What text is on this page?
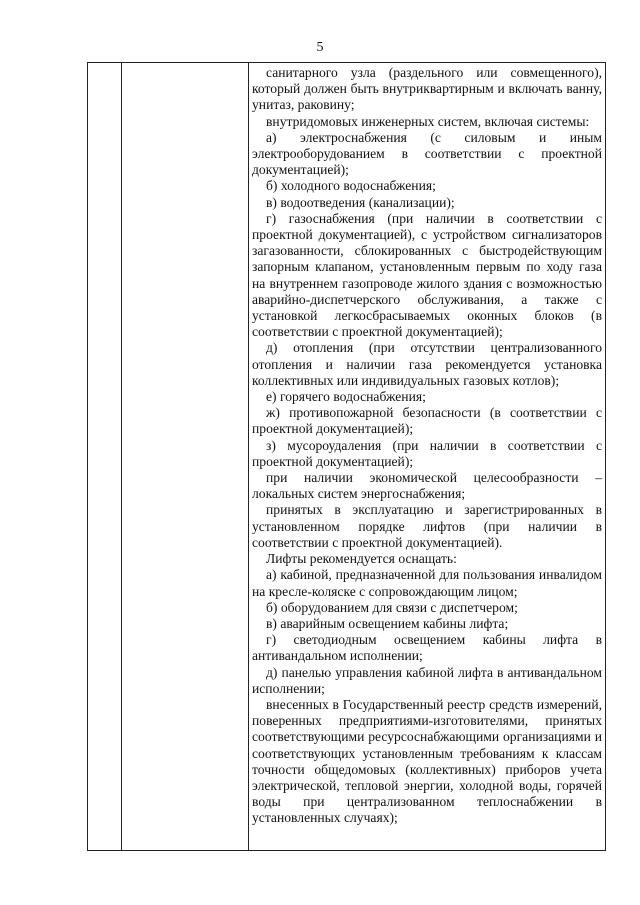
5

санитарного узла (раздельного или совмещенного), который должен быть внутриквартирным и включать ванну, унитаз, раковину;

внутридомовых инженерных систем, включая системы:

а) электроснабжения (с силовым и иным электрооборудованием в соответствии с проектной документацией);

б) холодного водоснабжения;

в) водоотведения (канализации);

г) газоснабжения (при наличии в соответствии с проектной документацией), с устройством сигнализаторов загазованности, сблокированных с быстродействующим запорным клапаном, установленным первым по ходу газа на внутреннем газопроводе жилого здания с возможностью аварийно-диспетчерского обслуживания, а также с установкой легкосбрасываемых оконных блоков (в соответствии с проектной документацией);

д) отопления (при отсутствии централизованного отопления и наличии газа рекомендуется установка коллективных или индивидуальных газовых котлов);

е) горячего водоснабжения;

ж) противопожарной безопасности (в соответствии с проектной документацией);

з) мусороудаления (при наличии в соответствии с проектной документацией);

при наличии экономической целесообразности – локальных систем энергоснабжения;

принятых в эксплуатацию и зарегистрированных в установленном порядке лифтов (при наличии в соответствии с проектной документацией).

Лифты рекомендуется оснащать:

а) кабиной, предназначенной для пользования инвалидом на кресле-коляске с сопровождающим лицом;

б) оборудованием для связи с диспетчером;

в) аварийным освещением кабины лифта;

г) светодиодным освещением кабины лифта в антивандальном исполнении;

д) панелью управления кабиной лифта в антивандальном исполнении;

внесенных в Государственный реестр средств измерений, поверенных предприятиями-изготовителями, принятых соответствующими ресурсоснабжающими организациями и соответствующих установленным требованиям к классам точности общедомовых (коллективных) приборов учета электрической, тепловой энергии, холодной воды, горячей воды при централизованном теплоснабжении в установленных случаях);
